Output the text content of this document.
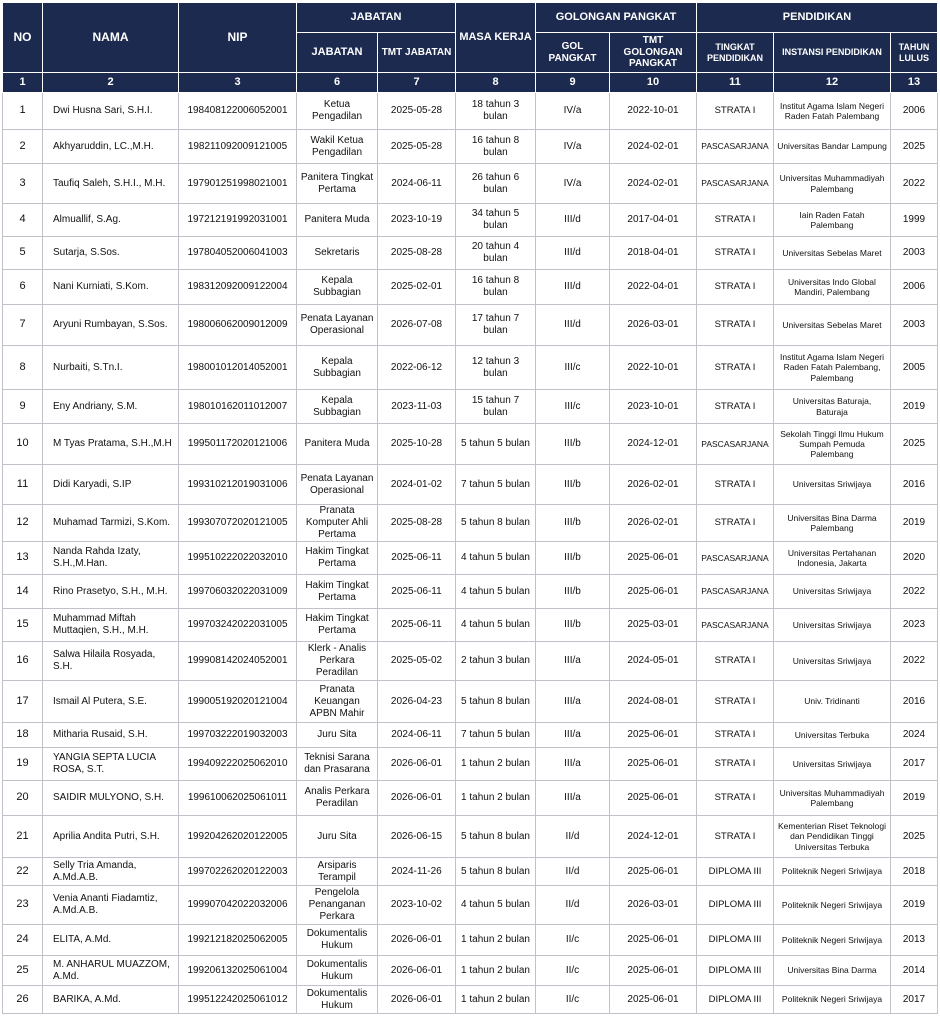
NO	NAMA	NIP	JABATAN		MASA KERJA	GOLONGAN PANGKAT		PENDIDIKAN		
			JABATAN	TMT JABATAN		GOL PANGKAT	TMT GOLONGAN PANGKAT	TINGKAT PENDIDIKAN	INSTANSI PENDIDIKAN	TAHUN LULUS
1	2	3	6	7	8	9	10	11	12	13
1	Dwi Husna Sari, S.H.I.	198408122006052001	Ketua Pengadilan	2025-05-28	18 tahun 3 bulan	IV/a	2022-10-01	STRATA I	Institut Agama Islam Negeri Raden Fatah Palembang	2006
2	Akhyaruddin, LC.,M.H.	198211092009121005	Wakil Ketua Pengadilan	2025-05-28	16 tahun 8 bulan	IV/a	2024-02-01	PASCASARJANA	Universitas Bandar Lampung	2025
3	Taufiq Saleh, S.H.I., M.H.	197901251998021001	Panitera Tingkat Pertama	2024-06-11	26 tahun 6 bulan	IV/a	2024-02-01	PASCASARJANA	Universitas Muhammadiyah Palembang	2022
4	Almuallif, S.Ag.	197212191992031001	Panitera Muda	2023-10-19	34 tahun 5 bulan	III/d	2017-04-01	STRATA I	Iain Raden Fatah Palembang	1999
5	Sutarja, S.Sos.	197804052006041003	Sekretaris	2025-08-28	20 tahun 4 bulan	III/d	2018-04-01	STRATA I	Universitas Sebelas Maret	2003
6	Nani Kurniati, S.Kom.	198312092009122004	Kepala Subbagian	2025-02-01	16 tahun 8 bulan	III/d	2022-04-01	STRATA I	Universitas Indo Global Mandiri, Palembang	2006
7	Aryuni Rumbayan, S.Sos.	198006062009012009	Penata Layanan Operasional	2026-07-08	17 tahun 7 bulan	III/d	2026-03-01	STRATA I	Universitas Sebelas Maret	2003
8	Nurbaiti, S.Tn.I.	198001012014052001	Kepala Subbagian	2022-06-12	12 tahun 3 bulan	III/c	2022-10-01	STRATA I	Institut Agama Islam Negeri Raden Fatah Palembang, Palembang	2005
9	Eny Andriany, S.M.	198010162011012007	Kepala Subbagian	2023-11-03	15 tahun 7 bulan	III/c	2023-10-01	STRATA I	Universitas Baturaja, Baturaja	2019
10	M Tyas Pratama, S.H.,M.H	199501172020121006	Panitera Muda	2025-10-28	5 tahun 5 bulan	III/b	2024-12-01	PASCASARJANA	Sekolah Tinggi Ilmu Hukum Sumpah Pemuda Palembang	2025
11	Didi Karyadi, S.IP	199310212019031006	Penata Layanan Operasional	2024-01-02	7 tahun 5 bulan	III/b	2026-02-01	STRATA I	Universitas Sriwijaya	2016
12	Muhamad Tarmizi, S.Kom.	199307072020121005	Pranata Komputer Ahli Pertama	2025-08-28	5 tahun 8 bulan	III/b	2026-02-01	STRATA I	Universitas Bina Darma Palembang	2019
13	Nanda Rahda Izaty, S.H.,M.Han.	199510222022032010	Hakim Tingkat Pertama	2025-06-11	4 tahun 5 bulan	III/b	2025-06-01	PASCASARJANA	Universitas Pertahanan Indonesia, Jakarta	2020
14	Rino Prasetyo, S.H., M.H.	199706032022031009	Hakim Tingkat Pertama	2025-06-11	4 tahun 5 bulan	III/b	2025-06-01	PASCASARJANA	Universitas Sriwijaya	2022
15	Muhammad Miftah Muttaqien, S.H., M.H.	199703242022031005	Hakim Tingkat Pertama	2025-06-11	4 tahun 5 bulan	III/b	2025-03-01	PASCASARJANA	Universitas Sriwijaya	2023
16	Salwa Hilaila Rosyada, S.H.	199908142024052001	Klerk - Analis Perkara Peradilan	2025-05-02	2 tahun 3 bulan	III/a	2024-05-01	STRATA I	Universitas Sriwijaya	2022
17	Ismail Al Putera, S.E.	199005192020121004	Pranata Keuangan APBN Mahir	2026-04-23	5 tahun 8 bulan	III/a	2024-08-01	STRATA I	Univ. Tridinanti	2016
18	Mitharia Rusaid, S.H.	199703222019032003	Juru Sita	2024-06-11	7 tahun 5 bulan	III/a	2025-06-01	STRATA I	Universitas Terbuka	2024
19	YANGIA SEPTA LUCIA ROSA, S.T.	199409222025062010	Teknisi Sarana dan Prasarana	2026-06-01	1 tahun 2 bulan	III/a	2025-06-01	STRATA I	Universitas Sriwijaya	2017
20	SAIDIR MULYONO, S.H.	199610062025061011	Analis Perkara Peradilan	2026-06-01	1 tahun 2 bulan	III/a	2025-06-01	STRATA I	Universitas Muhammadiyah Palembang	2019
21	Aprilia Andita Putri, S.H.	199204262020122005	Juru Sita	2026-06-15	5 tahun 8 bulan	II/d	2024-12-01	STRATA I	Kementerian Riset Teknologi dan Pendidikan Tinggi Universitas Terbuka	2025
22	Selly Tria Amanda, A.Md.A.B.	199702262020122003	Arsiparis Terampil	2024-11-26	5 tahun 8 bulan	II/d	2025-06-01	DIPLOMA III	Politeknik Negeri Sriwijaya	2018
23	Venia Ananti Fiadamtiz, A.Md.A.B.	199907042022032006	Pengelola Penanganan Perkara	2023-10-02	4 tahun 5 bulan	II/d	2026-03-01	DIPLOMA III	Politeknik Negeri Sriwijaya	2019
24	ELITA, A.Md.	199212182025062005	Dokumentalis Hukum	2026-06-01	1 tahun 2 bulan	II/c	2025-06-01	DIPLOMA III	Politeknik Negeri Sriwijaya	2013
25	M. ANHARUL MUAZZOM, A.Md.	199206132025061004	Dokumentalis Hukum	2026-06-01	1 tahun 2 bulan	II/c	2025-06-01	DIPLOMA III	Universitas Bina Darma	2014
26	BARIKA, A.Md.	199512242025061012	Dokumentalis Hukum	2026-06-01	1 tahun 2 bulan	II/c	2025-06-01	DIPLOMA III	Politeknik Negeri Sriwijaya	2017
